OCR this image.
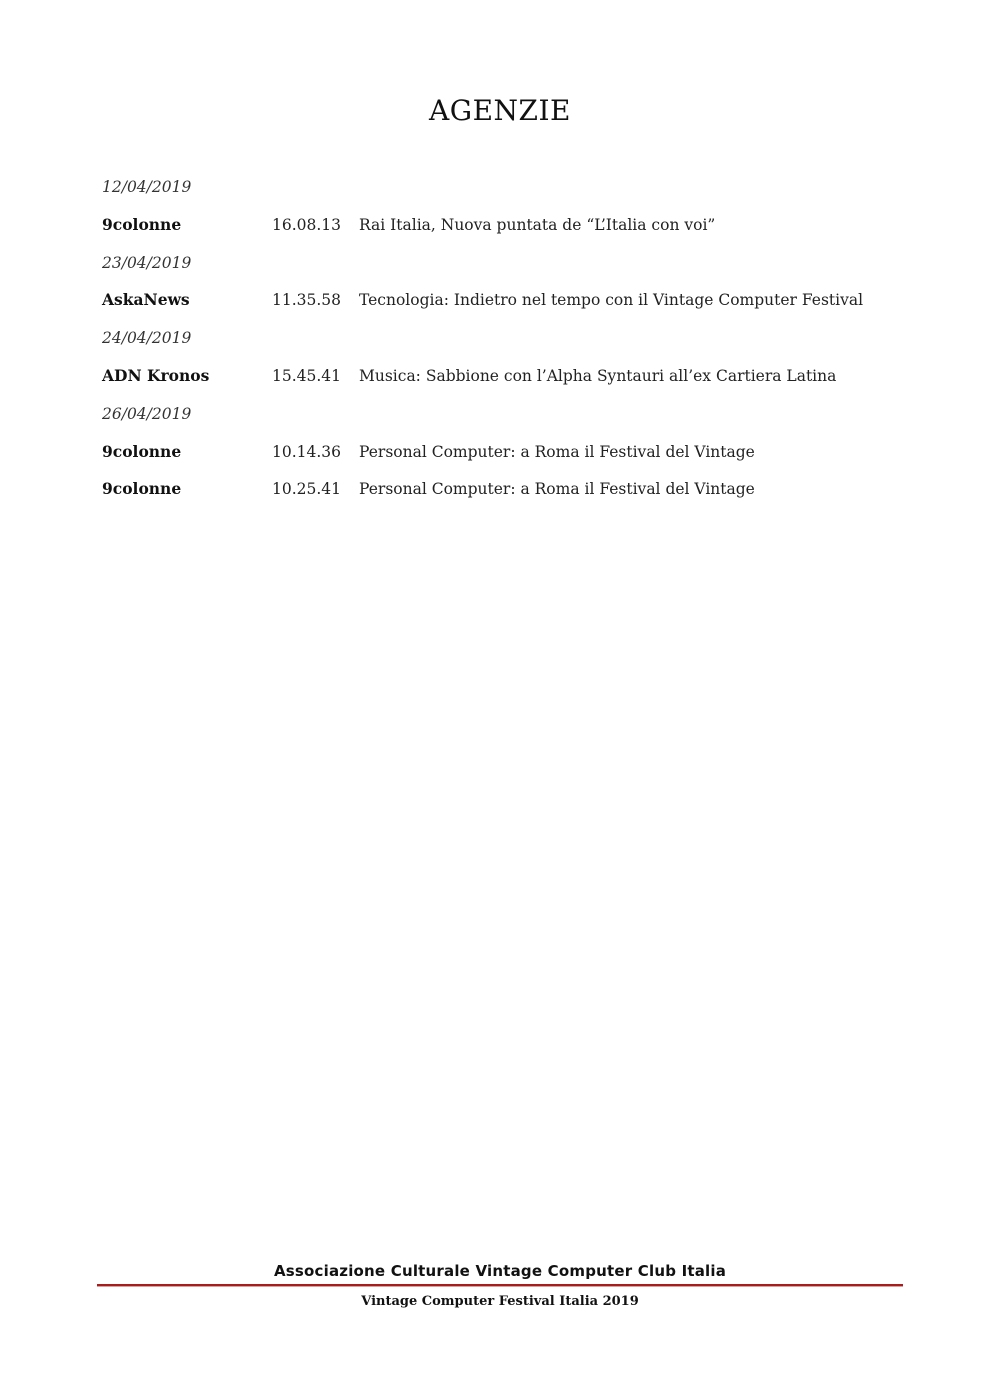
AGENZIE
12/04/2019
9colonne	16.08.13	Rai Italia, Nuova puntata de “L’Italia con voi”
23/04/2019
AskaNews	11.35.58	Tecnologia: Indietro nel tempo con il Vintage Computer Festival
24/04/2019
ADN Kronos	15.45.41	Musica: Sabbione con l’Alpha Syntauri all’ex Cartiera Latina
26/04/2019
9colonne	10.14.36	Personal Computer: a Roma il Festival del Vintage
9colonne	10.25.41	Personal Computer: a Roma il Festival del Vintage
Associazione Culturale Vintage Computer Club Italia
Vintage Computer Festival Italia 2019
